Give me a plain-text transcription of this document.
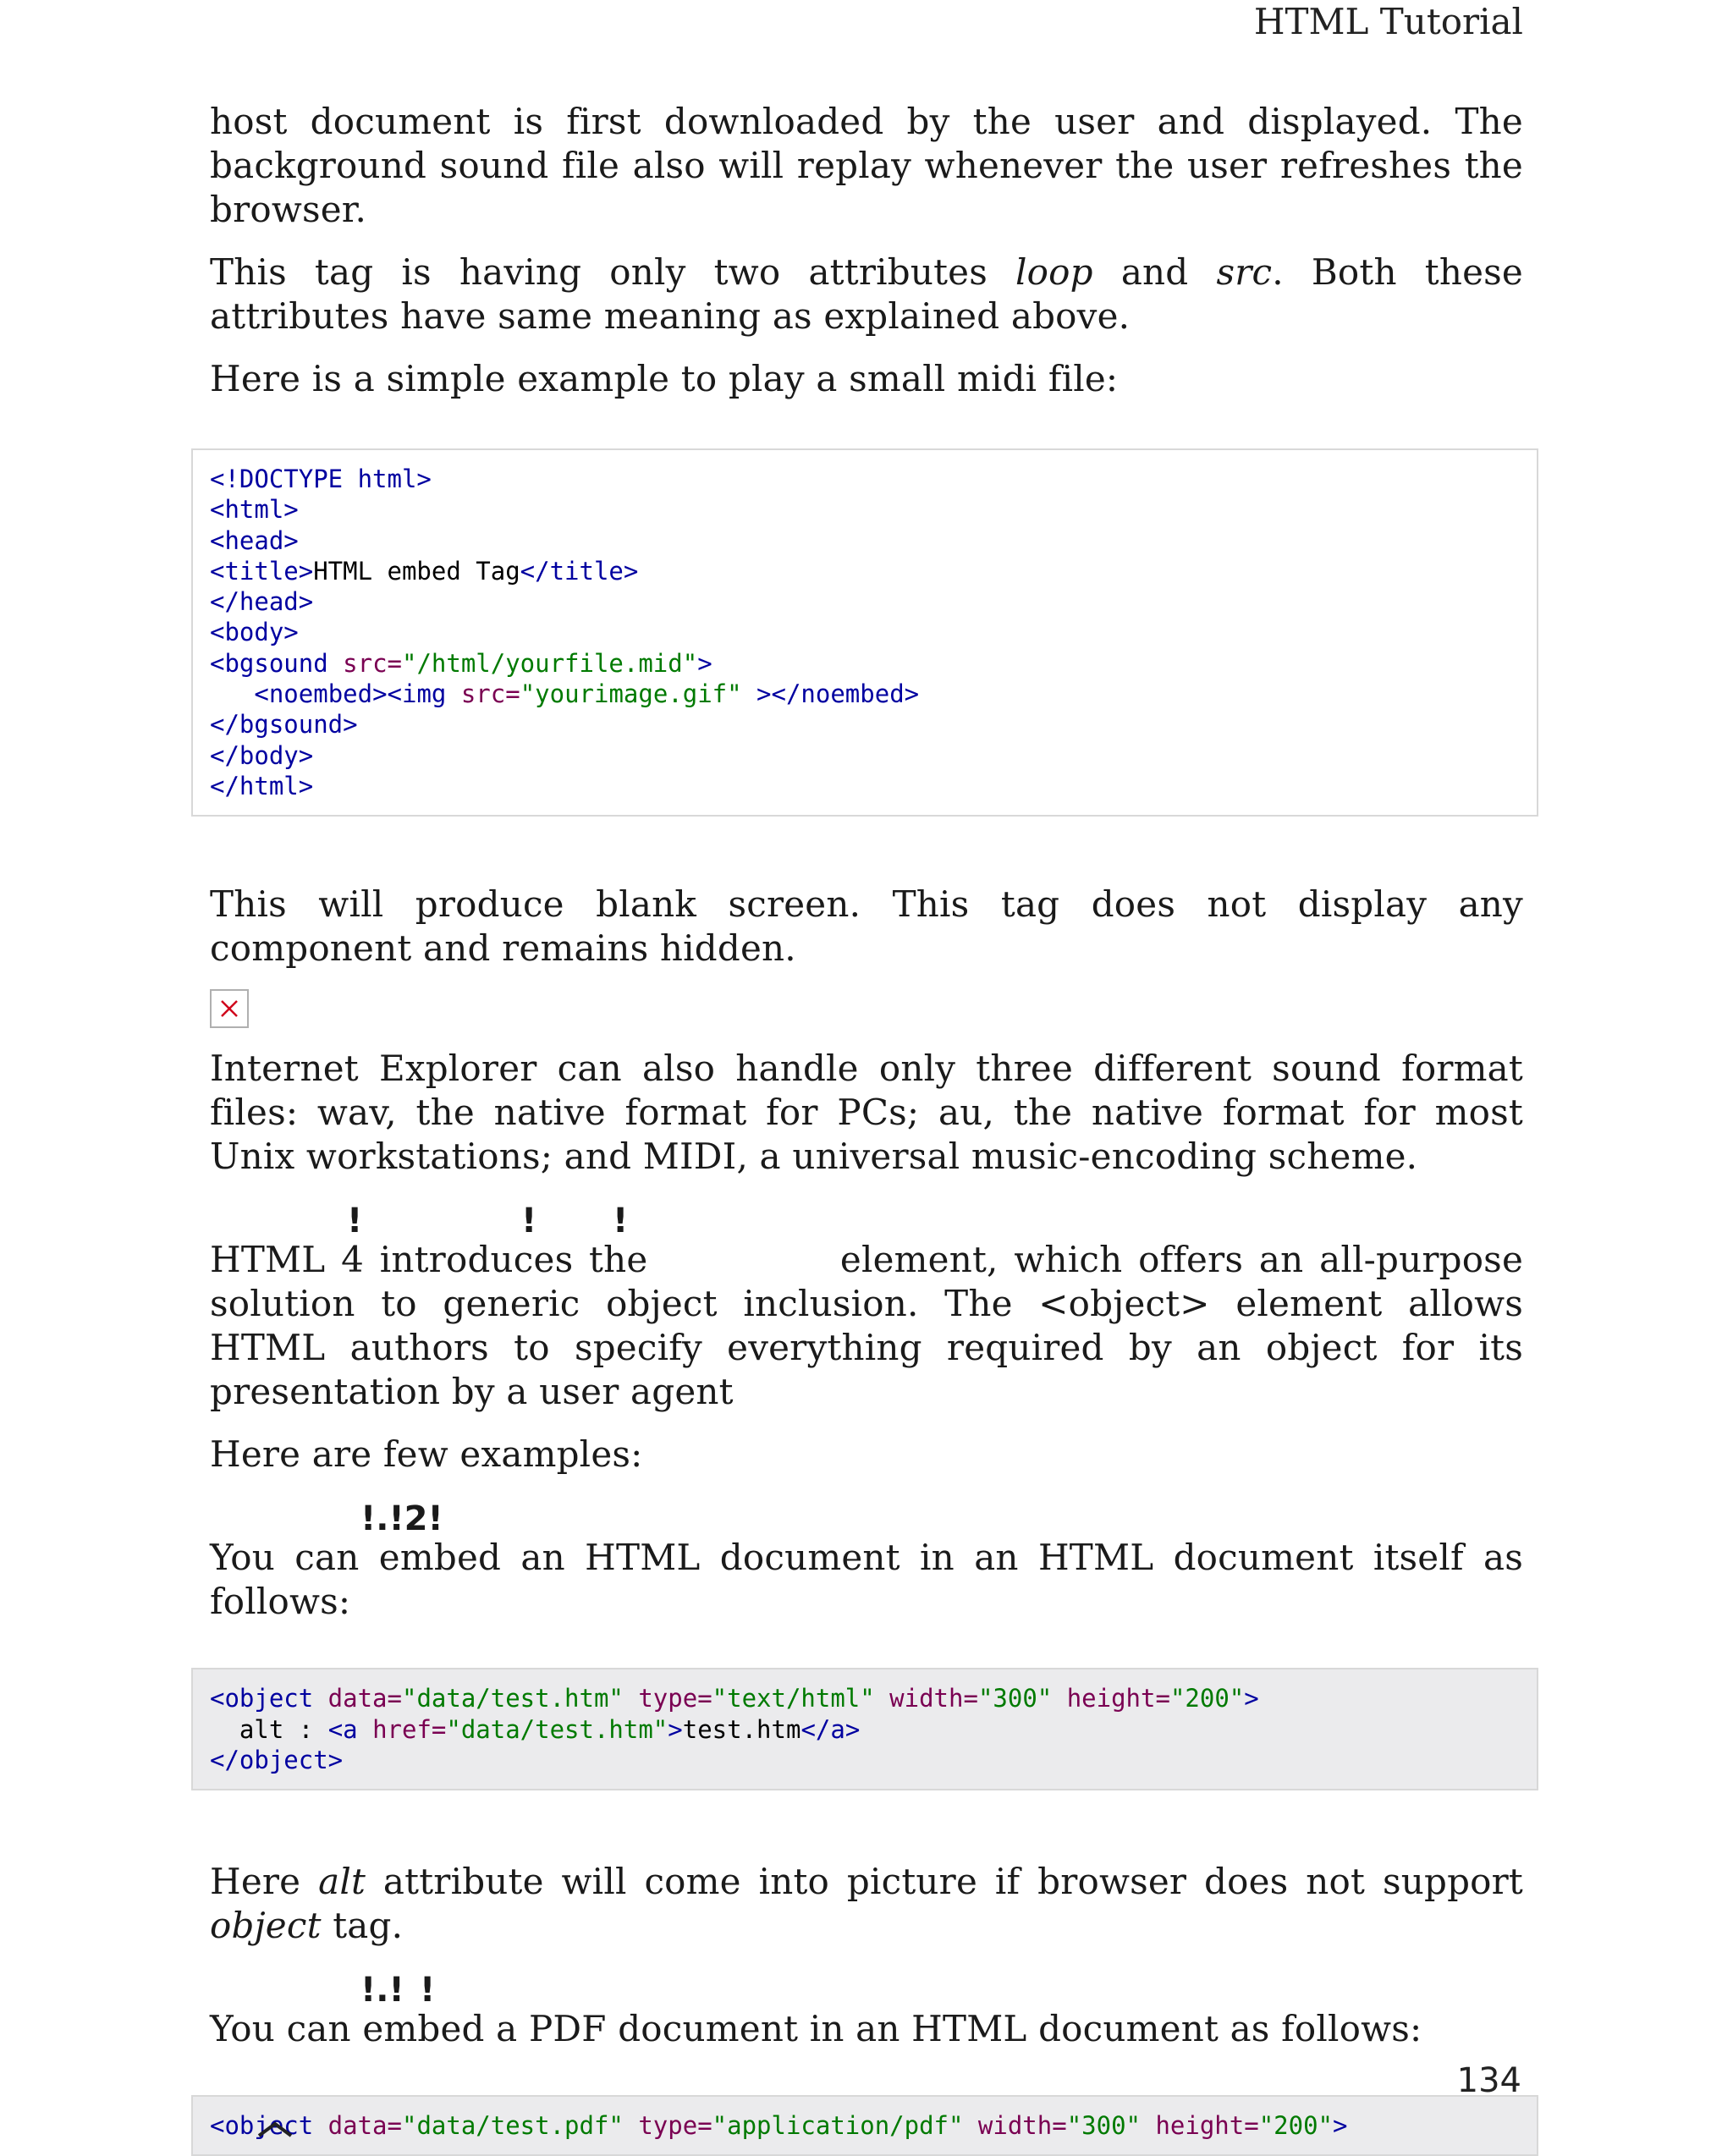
HTML Tutorial

host document is first downloaded by the user and displayed. The background sound file also will replay whenever the user refreshes the browser.

This tag is having only two attributes loop and src. Both these attributes have same meaning as explained above.

Here is a simple example to play a small midi file:

<!DOCTYPE html>
<html>
<head>
<title>HTML embed Tag</title>
</head>
<body>
<bgsound src="/html/yourfile.mid">
<noembed><img src="yourimage.gif" ></noembed>
</bgsound>
</body>
</html>

This will produce blank screen. This tag does not display any component and remains hidden.

Internet Explorer can also handle only three different sound format files: wav, the native format for PCs; au, the native format for most Unix workstations; and MIDI, a universal music-encoding scheme.

!	! !

HTML 4 introduces the	element, which offers an all-purpose solution to generic object inclusion. The <object> element allows HTML authors to specify everything required by an object for its presentation by a user agent

Here are few examples:

!.!2!

You can embed an HTML document in an HTML document itself as follows:

<object data="data/test.htm" type="text/html" width="300" height="200">
alt : <a href="data/test.htm">test.htm</a>
</object>

Here alt attribute will come into picture if browser does not support object tag.

!.! !

You can embed a PDF document in an HTML document as follows:

<object data="data/test.pdf" type="application/pdf" width="300" height="200">
134
